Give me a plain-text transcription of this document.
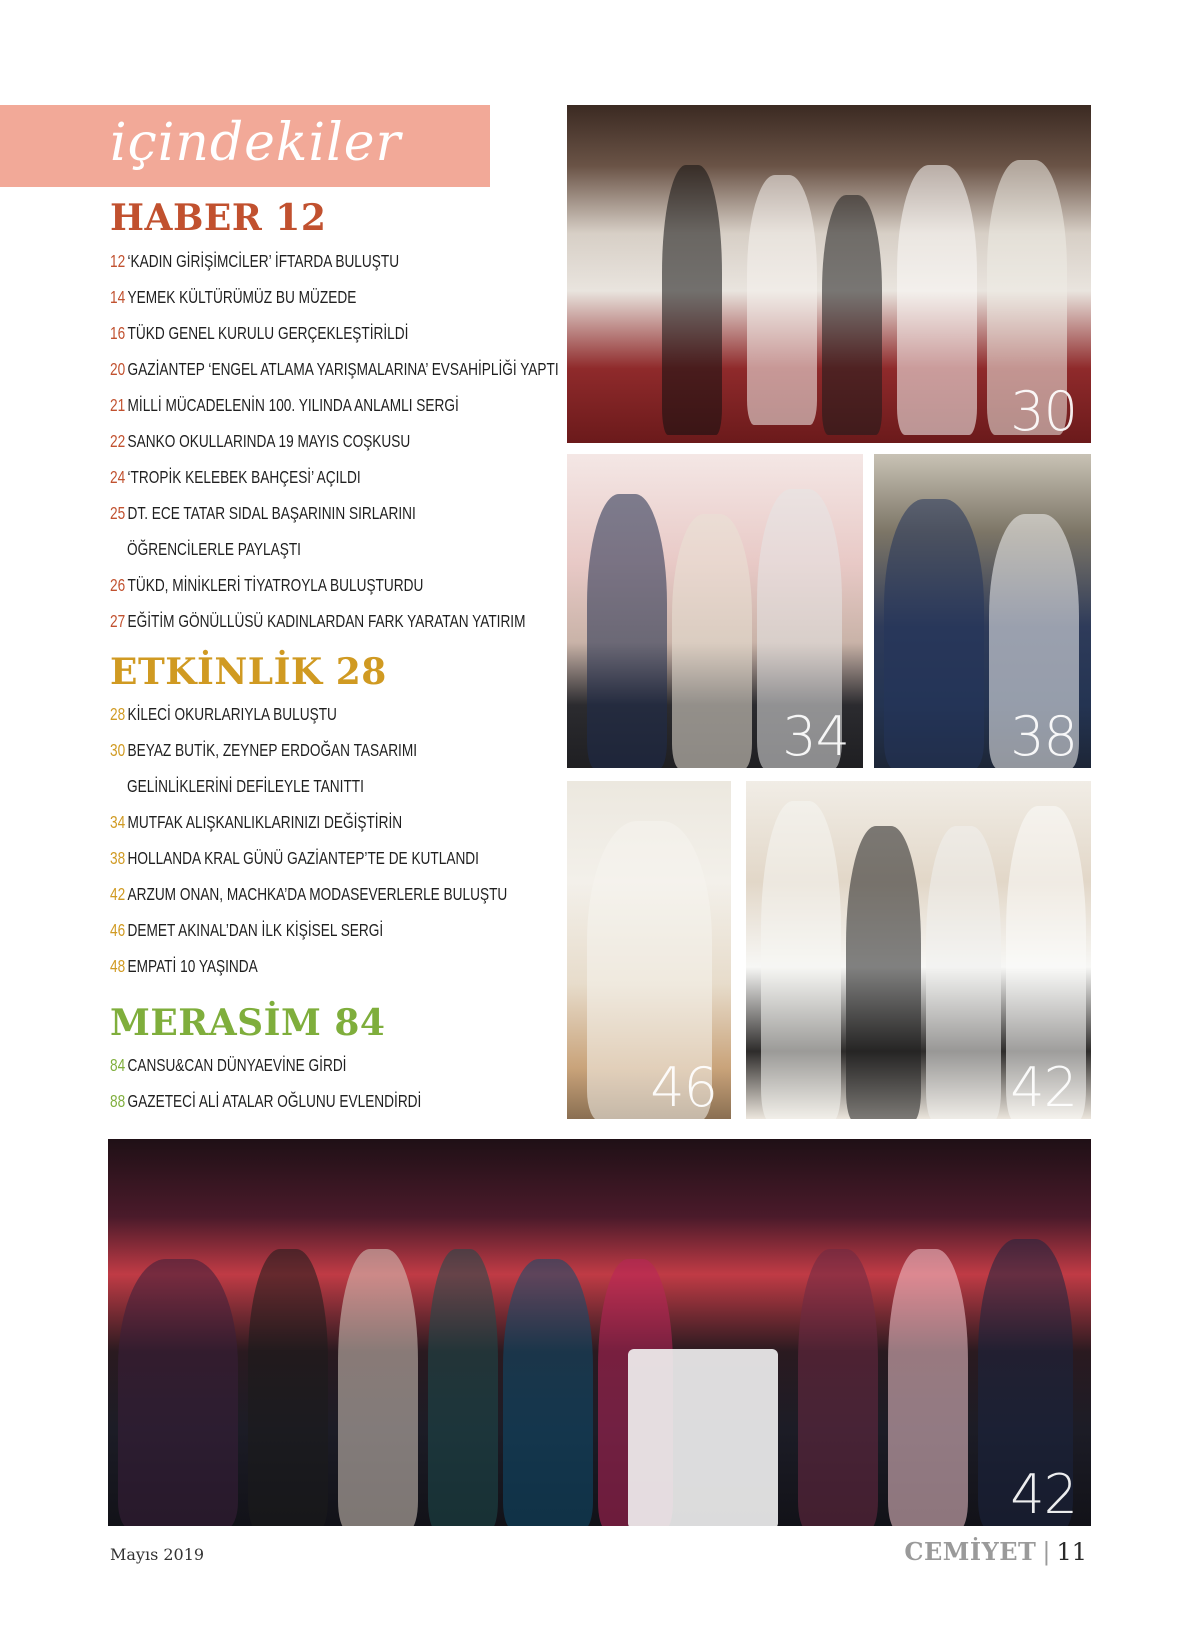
içindekiler
HABER 12
12 ‘KADIN GİRİŞİMCİLER’ İFTARDA BULUŞTU
14 YEMEK KÜLTÜRÜMÜZ BU MÜZEDE
16 TÜKD GENEL KURULU GERÇEKLEŞTİRİLDİ
20 GAZİANTEP ‘ENGEL ATLAMA YARIŞMALARINA’ EVSAHİPLİĞİ YAPTI
21 MİLLİ MÜCADELENİN 100. YILINDA ANLAMLI SERGİ
22 SANKO OKULLARINDA 19 MAYIS COŞKUSU
24 ‘TROPİK KELEBEK BAHÇESİ’ AÇILDI
25 DT. ECE TATAR SIDAL BAŞARININ SIRLARINI
ÖĞRENCİLERLE PAYLAŞTI
26 TÜKD, MİNİKLERİ TİYATROYLA BULUŞTURDU
27 EĞİTİM GÖNÜLLÜSÜ KADINLARDAN FARK YARATAN YATIRIM
ETKİNLİK 28
28 KİLECİ OKURLARIYLA BULUŞTU
30 BEYAZ BUTİK, ZEYNEP ERDOĞAN TASARIMI
GELİNLİKLERİNİ DEFİLEYLE TANITTI
34 MUTFAK ALIŞKANLIKLARINIZI DEĞİŞTİRİN
38 HOLLANDA KRAL GÜNÜ GAZİANTEP’TE DE KUTLANDI
42 ARZUM ONAN, MACHKA’DA MODASEVERLERLE BULUŞTU
46 DEMET AKINAL’DAN İLK KİŞİSEL SERGİ
48 EMPATİ 10 YAŞINDA
MERASİM 84
84 CANSU&CAN DÜNYAEVİNE GİRDİ
88 GAZETECİ ALİ ATALAR OĞLUNU EVLENDİRDİ
30
34	38
46	42
42
Mayıs 2019	CEMİYET | 11
